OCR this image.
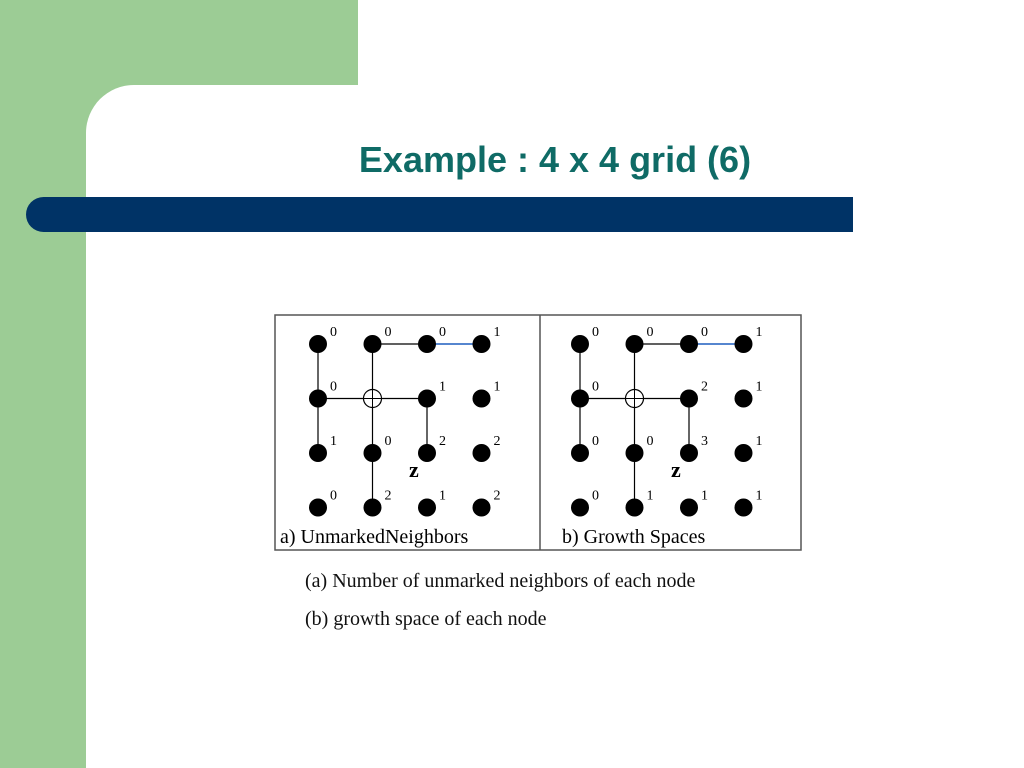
Example : 4 x 4 grid (6)
0	0	0	1
0	1	1
1	0	2	2
0	2	1	2
z
a) UnmarkedNeighbors
0	0	0	1
0	2	1
0	0	3	1
0	1	1	1
z
b) Growth Spaces

(a) Number of unmarked neighbors of each node

(b) growth space of each node
